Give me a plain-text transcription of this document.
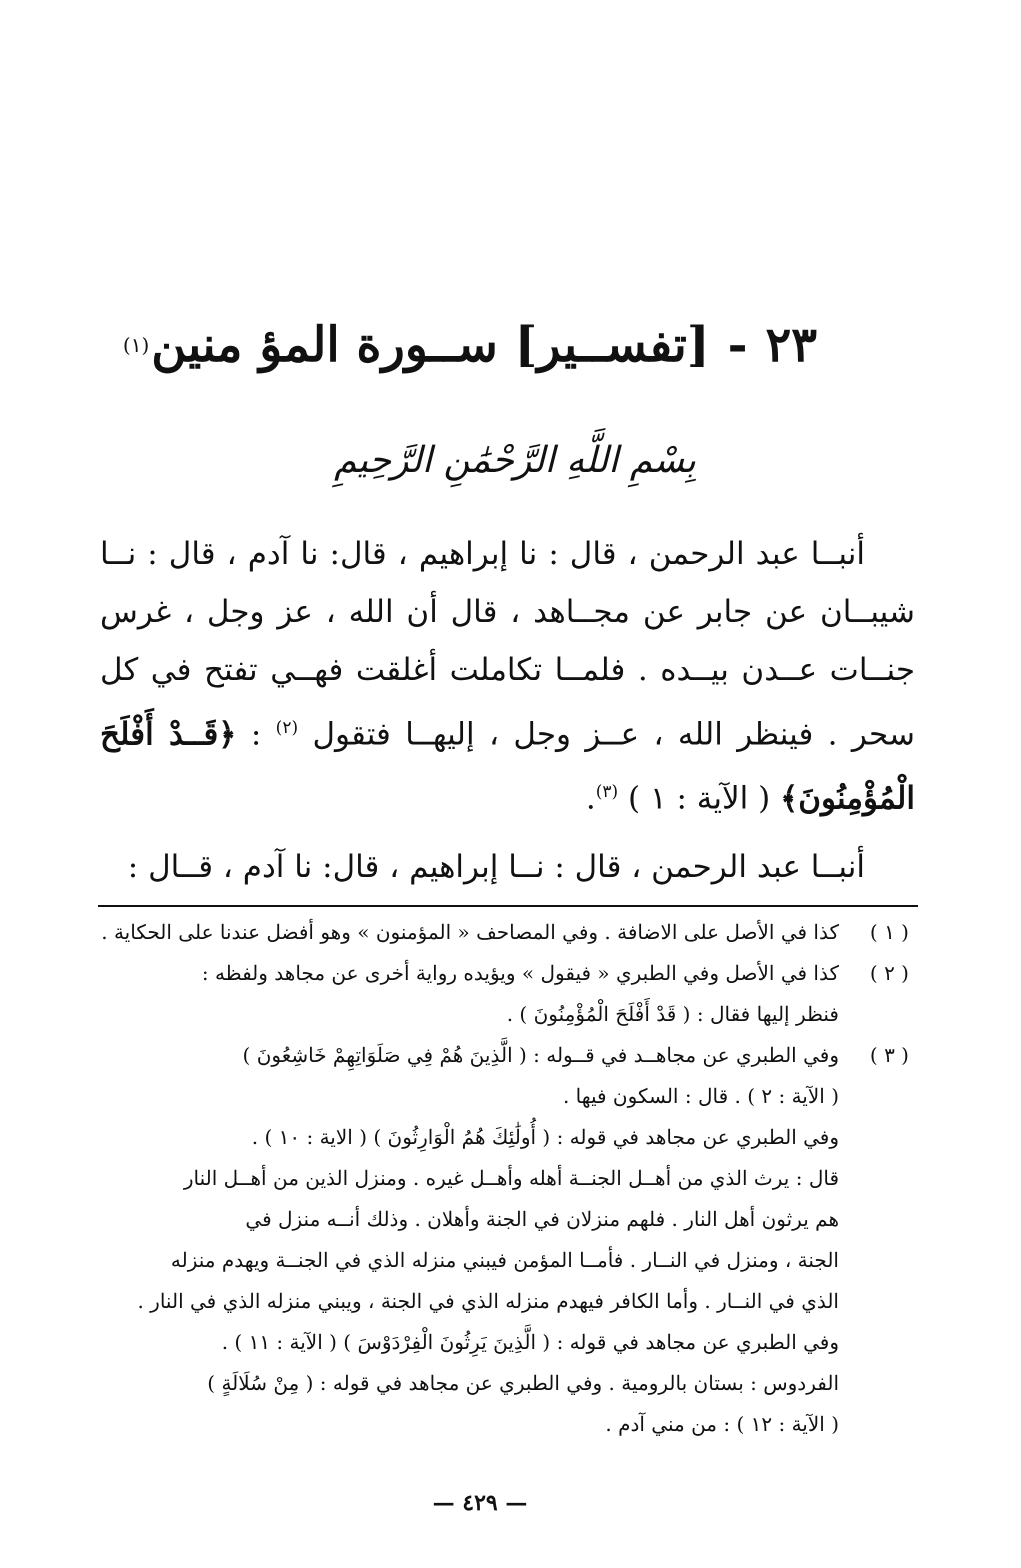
٢٣
-
[تفســير] ســورة المؤ منين
(١)
بِسْمِ اللَّهِ الرَّحْمَٰنِ الرَّحِيمِ

أنبــا عبد الرحمن ، قال : نا إبراهيم ، قال: نا آدم ، قال : نــا شيبــان عن جابر عن مجــاهد ، قال أن الله ، عز وجل ، غرس جنــات عــدن بيــده . فلمــا تكاملت أغلقت فهــي تفتح في كل سحر . فينظر الله ، عــز وجل ، إليهــا فتقول $^{(٢)}$ : ﴿قَــدْ أَفْلَحَ الْمُؤْمِنُونَ﴾ ( الآية : ١ ) $^{(٣)}$.

أنبــا عبد الرحمن ، قال : نــا إبراهيم ، قال: نا آدم ، قــال :

( ١ )

كذا في الأصل على الاضافة . وفي المصاحف « المؤمنون » وهو أفضل عندنا على الحكاية .

( ٢ )

كذا في الأصل وفي الطبري « فيقول » ويؤيده رواية أخرى عن مجاهد ولفظه :

فنظر إليها فقال : ( قَدْ أَفْلَحَ الْمُؤْمِنُونَ ) .

( ٣ )

وفي الطبري عن مجاهــد في قــوله : ( الَّذِينَ هُمْ فِي صَلَوَاتِهِمْ خَاشِعُونَ )

( الآية : ٢ ) . قال : السكون فيها .

وفي الطبري عن مجاهد في قوله : ( أُولَٰئِكَ هُمُ الْوَارِثُونَ ) ( الاية : ١٠ ) .

قال : يرث الذي من أهــل الجنــة أهله وأهــل غيره . ومنزل الذين من أهــل النار

هم يرثون أهل النار . فلهم منزلان في الجنة وأهلان . وذلك أنــه منزل في

الجنة ، ومنزل في النــار . فأمــا المؤمن فيبني منزله الذي في الجنــة ويهدم منزله

الذي في النــار . وأما الكافر فيهدم منزله الذي في الجنة ، ويبني منزله الذي في النار .

وفي الطبري عن مجاهد في قوله : ( الَّذِينَ يَرِثُونَ الْفِرْدَوْسَ ) ( الآية : ١١ ) .

الفردوس : بستان بالرومية . وفي الطبري عن مجاهد في قوله : ( مِنْ سُلَالَةٍ )

( الآية : ١٢ ) : من مني آدم .

— ٤٢٩ —
